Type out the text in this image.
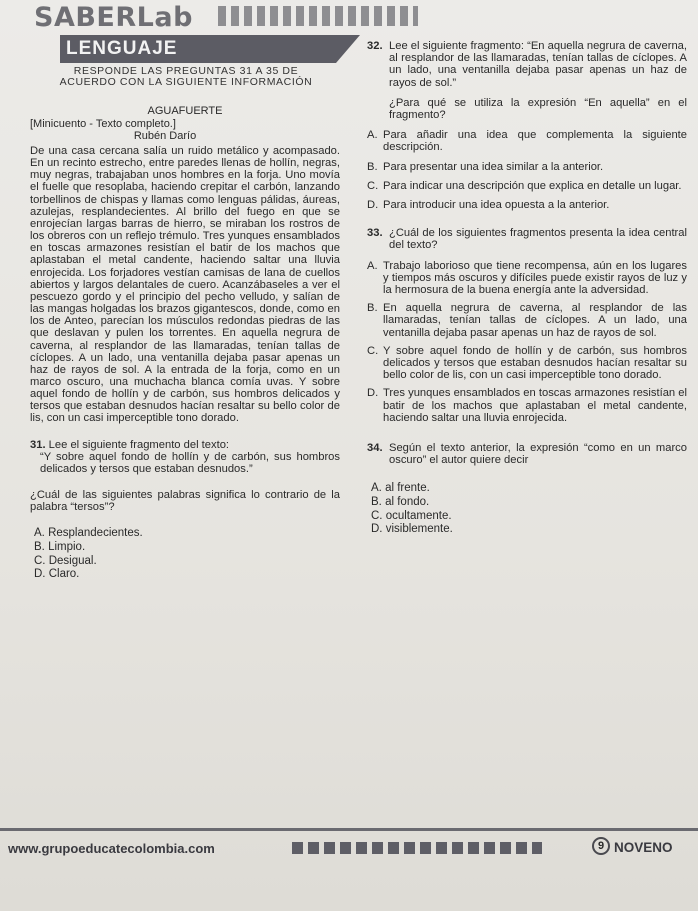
SABERLab
LENGUAJE
RESPONDE LAS PREGUNTAS 31 A 35 DE
ACUERDO CON LA SIGUIENTE INFORMACIÓN
AGUAFUERTE
[Minicuento - Texto completo.]
Rubén Darío
De una casa cercana salía un ruido metálico y acompasado. En un recinto estrecho, entre paredes llenas de hollín, negras, muy negras, trabajaban unos hombres en la forja. Uno movía el fuelle que resoplaba, haciendo crepitar el carbón, lanzando torbellinos de chispas y llamas como lenguas pálidas, áureas, azulejas, resplandecientes. Al brillo del fuego en que se enrojecían largas barras de hierro, se miraban los rostros de los obreros con un reflejo trémulo. Tres yunques ensamblados en toscas armazones resistían el batir de los machos que aplastaban el metal candente, haciendo saltar una lluvia enrojecida. Los forjadores vestían camisas de lana de cuellos abiertos y largos delantales de cuero. Acanzábaseles a ver el pescuezo gordo y el principio del pecho velludo, y salían de las mangas holgadas los brazos gigantescos, donde, como en los de Anteo, parecían los músculos redondas piedras de las que deslavan y pulen los torrentes. En aquella negrura de caverna, al resplandor de las llamaradas, tenían tallas de cíclopes. A un lado, una ventanilla dejaba pasar apenas un haz de rayos de sol. A la entrada de la forja, como en un marco oscuro, una muchacha blanca comía uvas. Y sobre aquel fondo de hollín y de carbón, sus hombros delicados y tersos que estaban desnudos hacían resaltar su bello color de lis, con un casi imperceptible tono dorado.
31. Lee el siguiente fragmento del texto:
“Y sobre aquel fondo de hollín y de carbón, sus hombros delicados y tersos que estaban desnudos.”
¿Cuál de las siguientes palabras significa lo contrario de la palabra “tersos”?
A. Resplandecientes.
B. Limpio.
C. Desigual.
D. Claro.
32. Lee el siguiente fragmento: “En aquella negrura de caverna, al resplandor de las llamaradas, tenían tallas de cíclopes. A un lado, una ventanilla dejaba pasar apenas un haz de rayos de sol.”
¿Para qué se utiliza la expresión “En aquella” en el fragmento?
A. Para añadir una idea que complementa la siguiente descripción.
B. Para presentar una idea similar a la anterior.
C. Para indicar una descripción que explica en detalle un lugar.
D. Para introducir una idea opuesta a la anterior.
33. ¿Cuál de los siguientes fragmentos presenta la idea central del texto?
A. Trabajo laborioso que tiene recompensa, aún en los lugares y tiempos más oscuros y difíciles puede existir rayos de luz y la hermosura de la buena energía ante la adversidad.
B. En aquella negrura de caverna, al resplandor de las llamaradas, tenían tallas de cíclopes. A un lado, una ventanilla dejaba pasar apenas un haz de rayos de sol.
C. Y sobre aquel fondo de hollín y de carbón, sus hombros delicados y tersos que estaban desnudos hacían resaltar su bello color de lis, con un casi imperceptible tono dorado.
D. Tres yunques ensamblados en toscas armazones resistían el batir de los machos que aplastaban el metal candente, haciendo saltar una lluvia enrojecida.
34. Según el texto anterior, la expresión “como en un marco oscuro” el autor quiere decir
A. al frente.
B. al fondo.
C. ocultamente.
D. visiblemente.
www.grupoeducatecolombia.com	9 NOVENO
